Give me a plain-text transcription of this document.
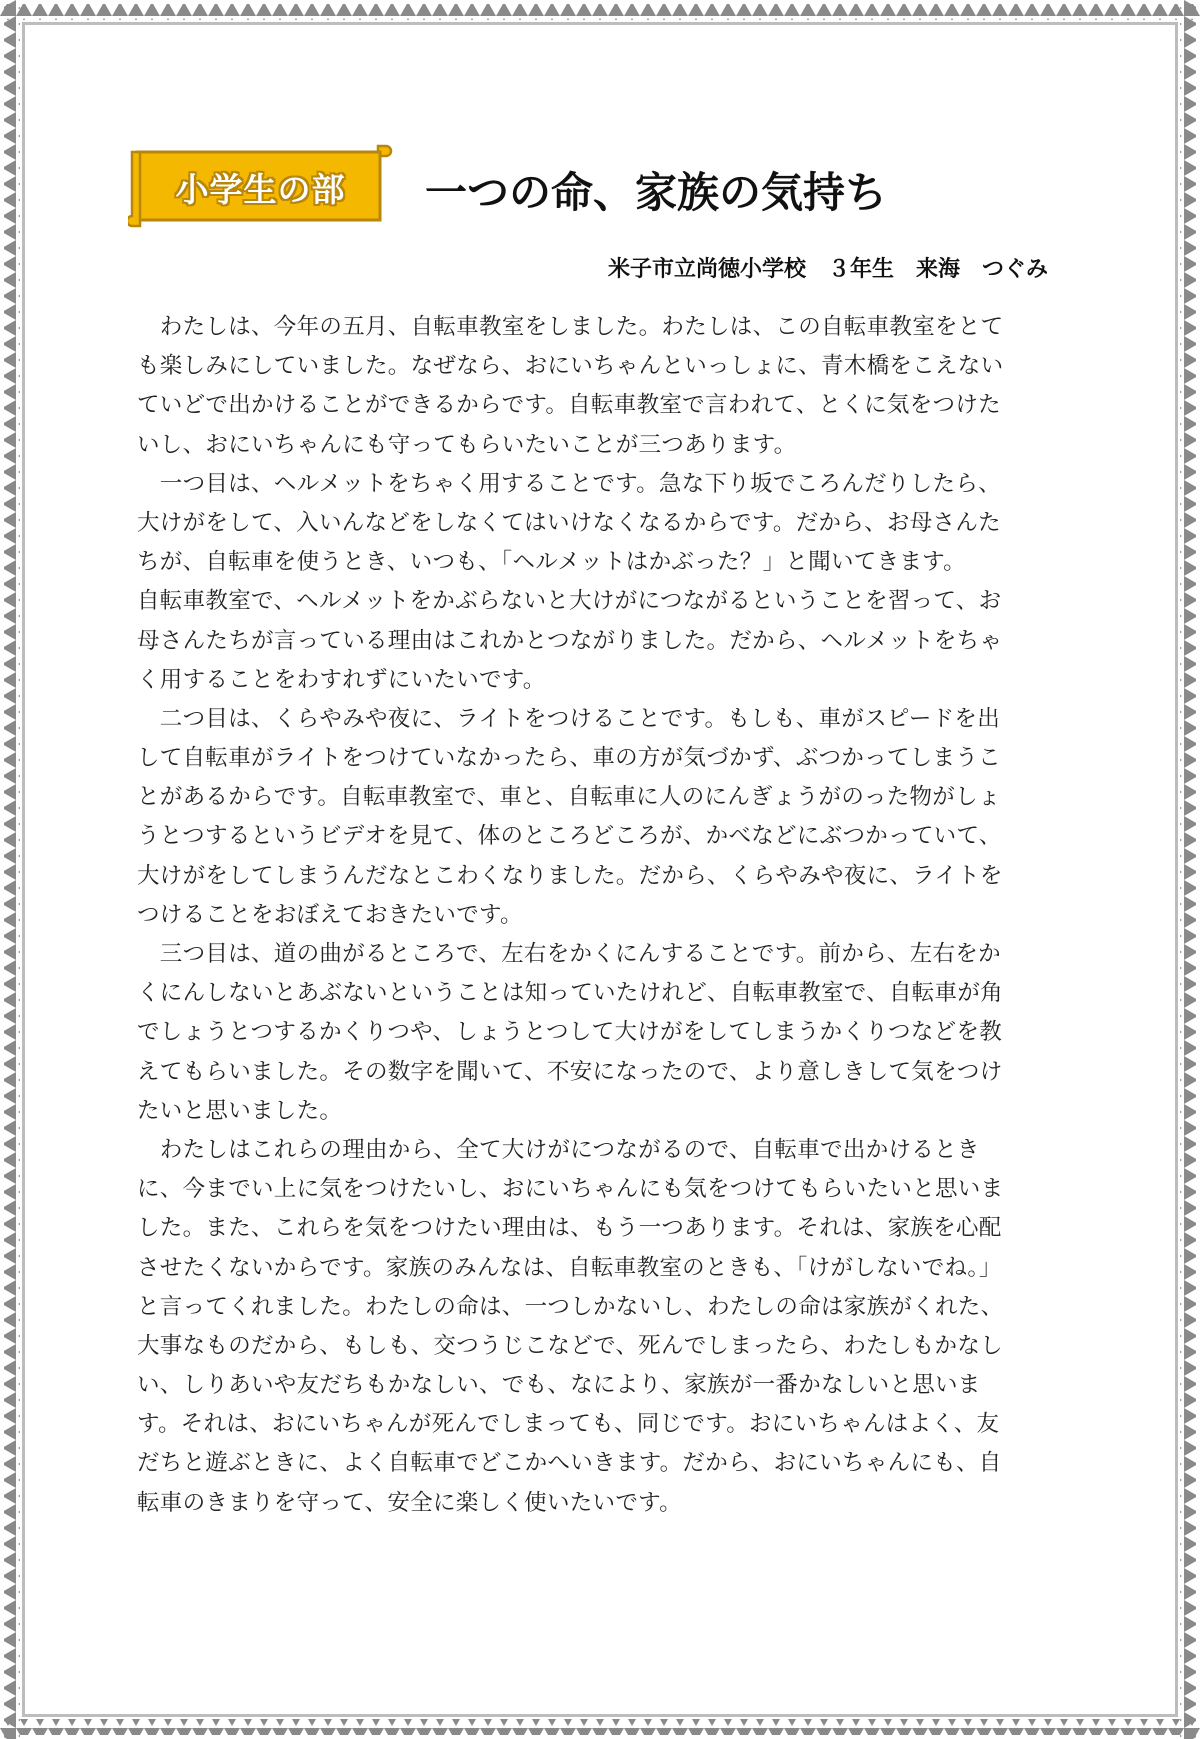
小学生の部	一つの命、家族の気持ち
米子市立尚徳小学校　３年生　来海　つぐみ
　わたしは、今年の五月、自転車教室をしました。わたしは、この自転車教室をとて
も楽しみにしていました。なぜなら、おにいちゃんといっしょに、青木橋をこえない
ていどで出かけることができるからです。自転車教室で言われて、とくに気をつけた
いし、おにいちゃんにも守ってもらいたいことが三つあります。
　一つ目は、ヘルメットをちゃく用することです。急な下り坂でころんだりしたら、
大けがをして、入いんなどをしなくてはいけなくなるからです。だから、お母さんた
ちが、自転車を使うとき、いつも、「ヘルメットはかぶった？」と聞いてきます。
自転車教室で、ヘルメットをかぶらないと大けがにつながるということを習って、お
母さんたちが言っている理由はこれかとつながりました。だから、ヘルメットをちゃ
く用することをわすれずにいたいです。
　二つ目は、くらやみや夜に、ライトをつけることです。もしも、車がスピードを出
して自転車がライトをつけていなかったら、車の方が気づかず、ぶつかってしまうこ
とがあるからです。自転車教室で、車と、自転車に人のにんぎょうがのった物がしょ
うとつするというビデオを見て、体のところどころが、かべなどにぶつかっていて、
大けがをしてしまうんだなとこわくなりました。だから、くらやみや夜に、ライトを
つけることをおぼえておきたいです。
　三つ目は、道の曲がるところで、左右をかくにんすることです。前から、左右をか
くにんしないとあぶないということは知っていたけれど、自転車教室で、自転車が角
でしょうとつするかくりつや、しょうとつして大けがをしてしまうかくりつなどを教
えてもらいました。その数字を聞いて、不安になったので、より意しきして気をつけ
たいと思いました。
　わたしはこれらの理由から、全て大けがにつながるので、自転車で出かけるとき
に、今までい上に気をつけたいし、おにいちゃんにも気をつけてもらいたいと思いま
した。また、これらを気をつけたい理由は、もう一つあります。それは、家族を心配
させたくないからです。家族のみんなは、自転車教室のときも、「けがしないでね。」
と言ってくれました。わたしの命は、一つしかないし、わたしの命は家族がくれた、
大事なものだから、もしも、交つうじこなどで、死んでしまったら、わたしもかなし
い、しりあいや友だちもかなしい、でも、なにより、家族が一番かなしいと思いま
す。それは、おにいちゃんが死んでしまっても、同じです。おにいちゃんはよく、友
だちと遊ぶときに、よく自転車でどこかへいきます。だから、おにいちゃんにも、自
転車のきまりを守って、安全に楽しく使いたいです。
